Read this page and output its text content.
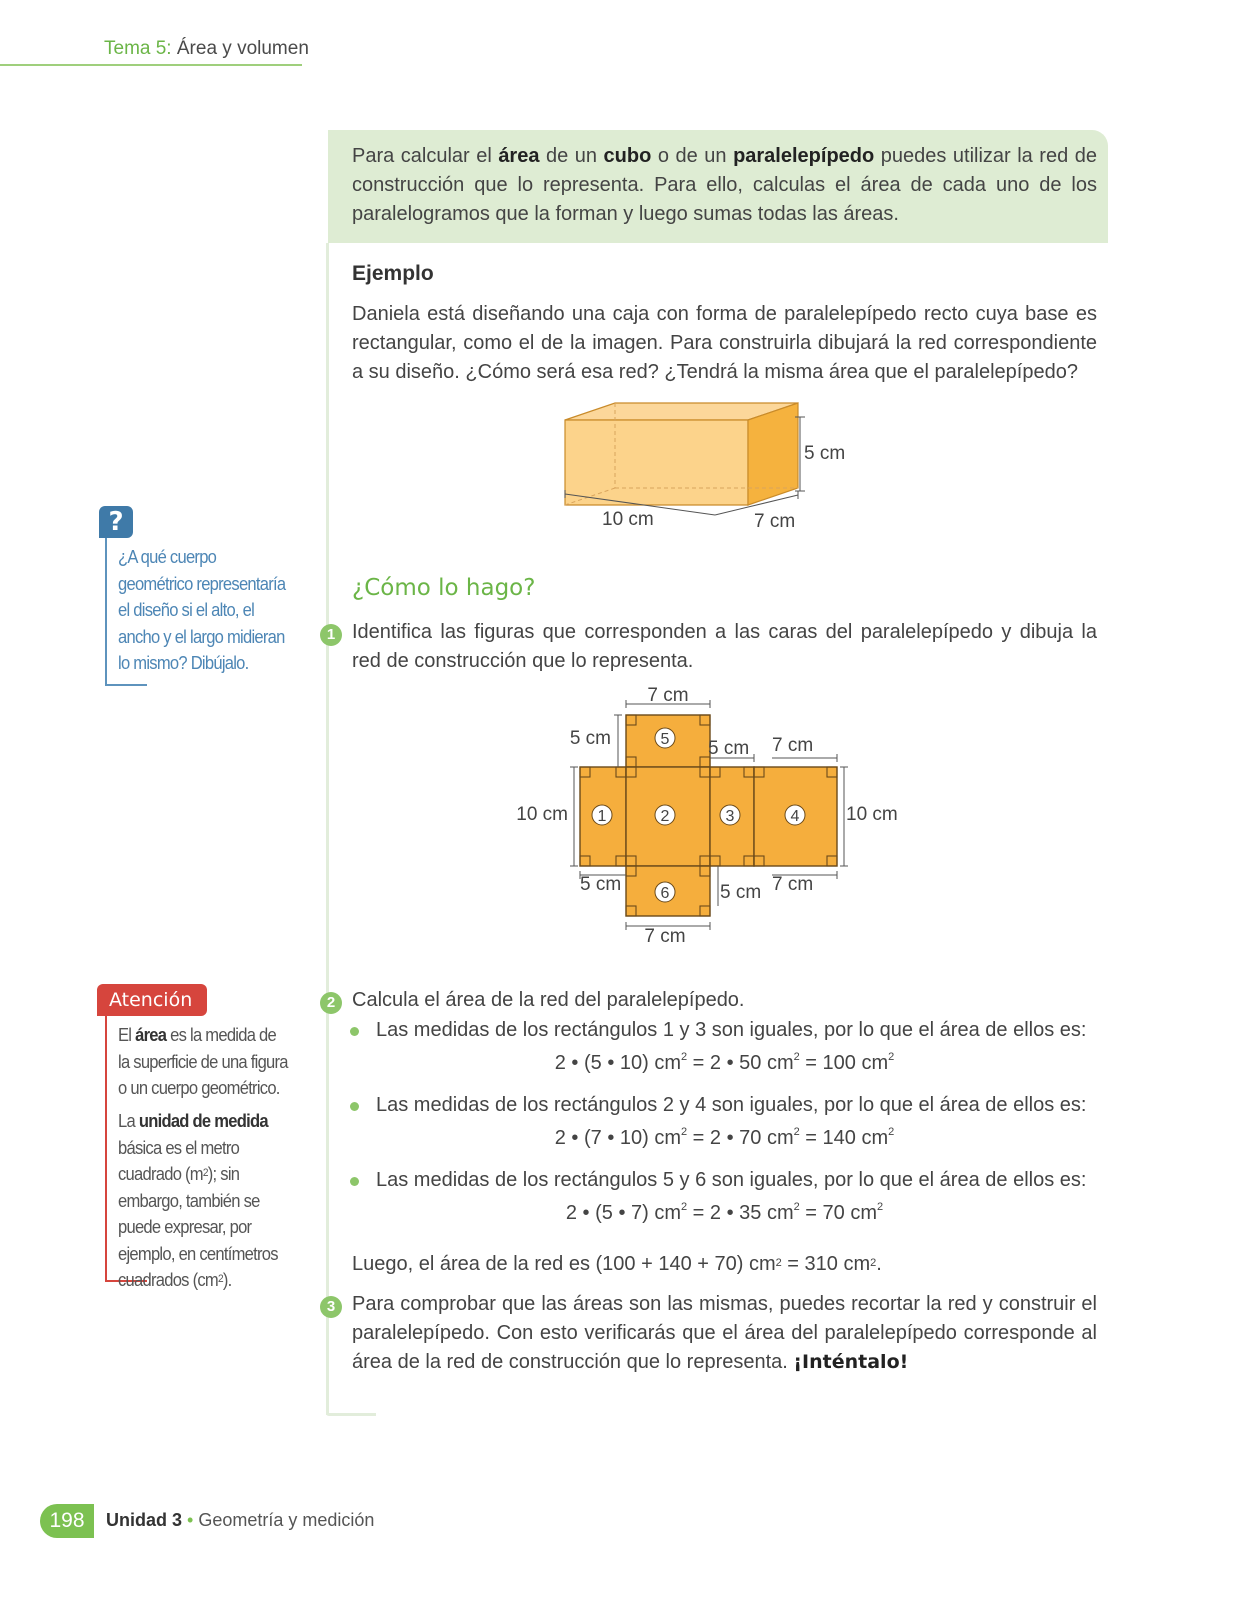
Tema 5: Área y volumen
Para calcular el área de un cubo o de un paralelepípedo puedes utilizar la red de construcción que lo representa. Para ello, calculas el área de cada uno de los paralelogramos que la forman y luego sumas todas las áreas.
Ejemplo
Daniela está diseñando una caja con forma de paralelepípedo recto cuya base es rectangular, como el de la imagen. Para construirla dibujará la red correspondiente a su diseño. ¿Cómo será esa red? ¿Tendrá la misma área que el paralelepípedo?
5 cm
10 cm	7 cm
¿Cómo lo hago?
1 Identifica las figuras que corresponden a las caras del paralelepípedo y dibuja la red de construcción que lo representa.
5
1	2	3	4
6
7 cm
5 cm	5 cm 7 cm
10 cm	10 cm
5 cm	5 cm 7 cm
7 cm
2 Calcula el área de la red del paralelepípedo.
Las medidas de los rectángulos 1 y 3 son iguales, por lo que el área de ellos es:
2 • (5 • 10) $cm^2 = 2$ • 50 $cm^2 = 100$ $cm^2$
Las medidas de los rectángulos 2 y 4 son iguales, por lo que el área de ellos es:
2 • (7 • 10) $cm^2 = 2$ • 70 $cm^2 = 140$ $cm^2$
Las medidas de los rectángulos 5 y 6 son iguales, por lo que el área de ellos es:
2 • (5 • 7) $cm^2 = 2$ • 35 $cm^2 = 70$ $cm^2$
Luego, el área de la red es (100 + 140 + 70) $cm^2 = 310$ $cm^2$.
3 Para comprobar que las áreas son las mismas, puedes recortar la red y construir el paralelepípedo. Con esto verificarás que el área del paralelepípedo corresponde al área de la red de construcción que lo representa. ¡Inténtalo!
?
¿A qué cuerpo geométrico representaría el diseño si el alto, el ancho y el largo midieran lo mismo? Dibújalo.
Atención
El área es la medida de la superficie de una figura o un cuerpo geométrico.
La unidad de medida básica es el metro cuadrado $(m^2)$; sin embargo, también se puede expresar, por ejemplo, en centímetros cuadrados $(cm^2)$.
198	Unidad 3 • Geometría y medición
